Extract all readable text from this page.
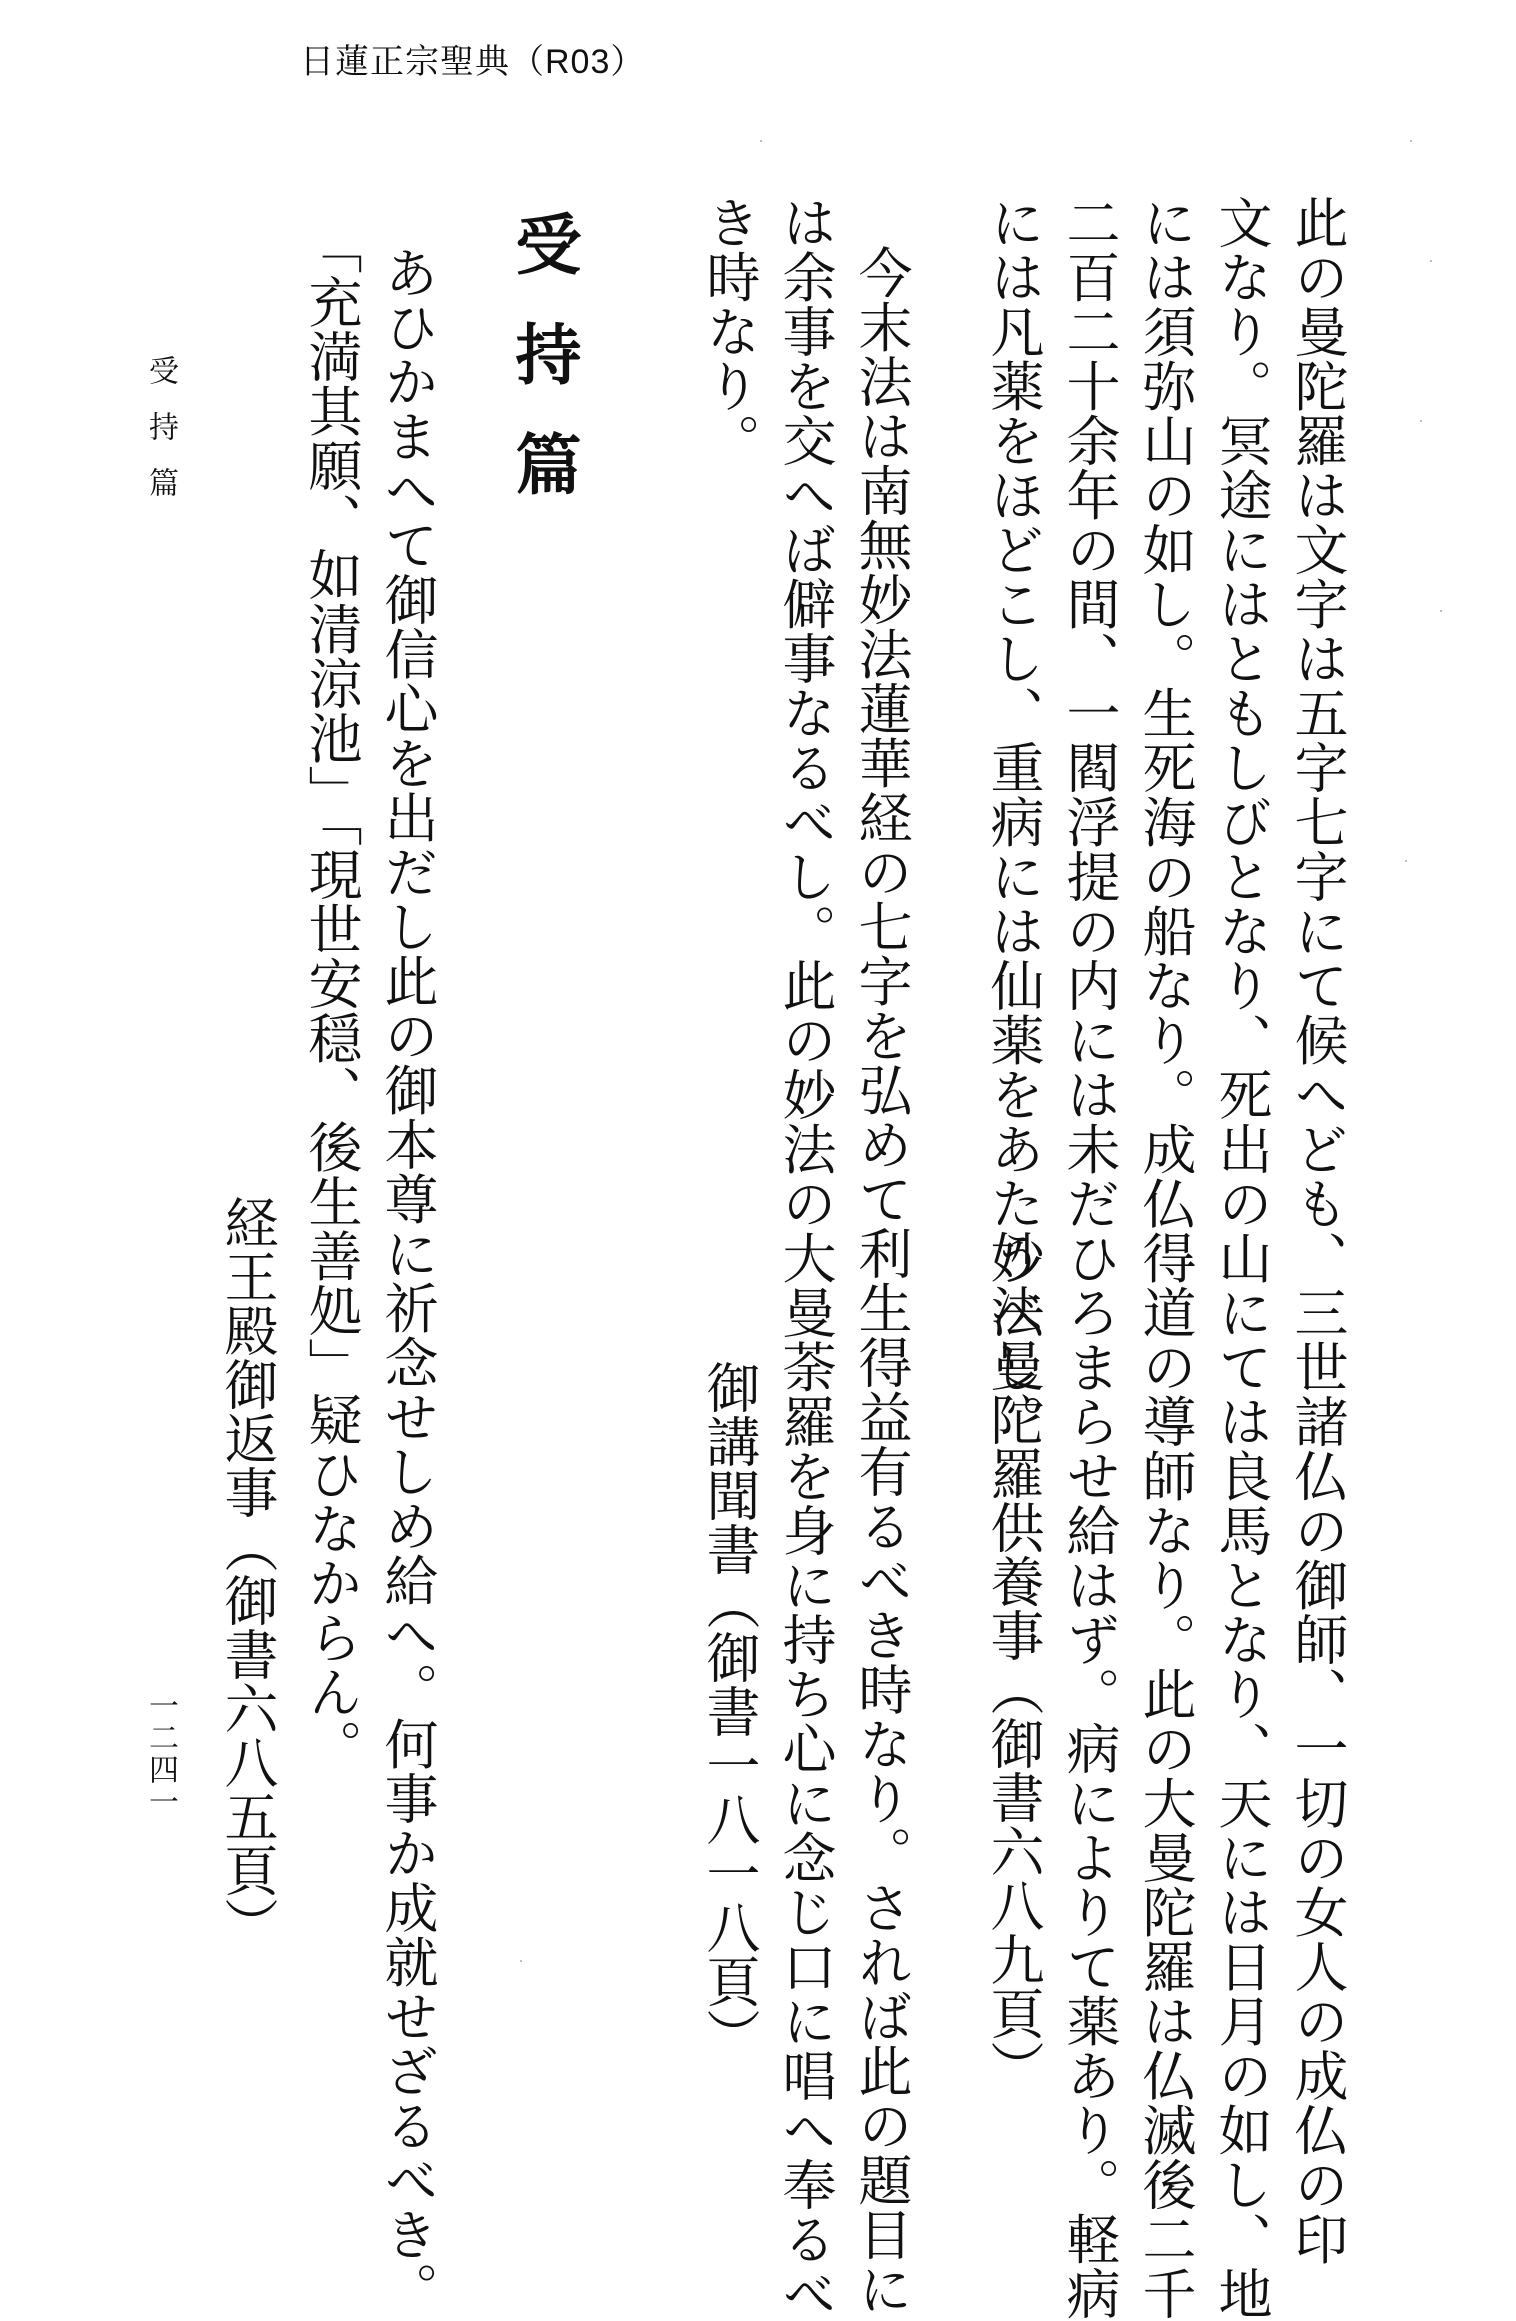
日蓮正宗聖典（R03）
此の曼陀羅は文字は五字七字にて候へども、三世諸仏の御師、一切の女人の成仏の印
文なり。冥途にはともしびとなり、死出の山にては良馬となり、天には日月の如し、地
には須弥山の如し。生死海の船なり。成仏得道の導師なり。此の大曼陀羅は仏滅後二千
二百二十余年の間、一閻浮提の内には未だひろまらせ給はず。病によりて薬あり。軽病
には凡薬をほどこし、重病には仙薬をあたうべし。
妙法曼陀羅供養事（御書六八九頁）
今末法は南無妙法蓮華経の七字を弘めて利生得益有るべき時なり。されば此の題目に
は余事を交へば僻事なるべし。此の妙法の大曼荼羅を身に持ち心に念じ口に唱へ奉るべ
き時なり。
御講聞書（御書一八一八頁）
受持篇
あひかまへて御信心を出だし此の御本尊に祈念せしめ給へ。何事か成就せざるべき。
「充満其願、如清涼池」「現世安穏、後生善処」疑ひなからん。
経王殿御返事（御書六八五頁）
受持篇
一二四一
